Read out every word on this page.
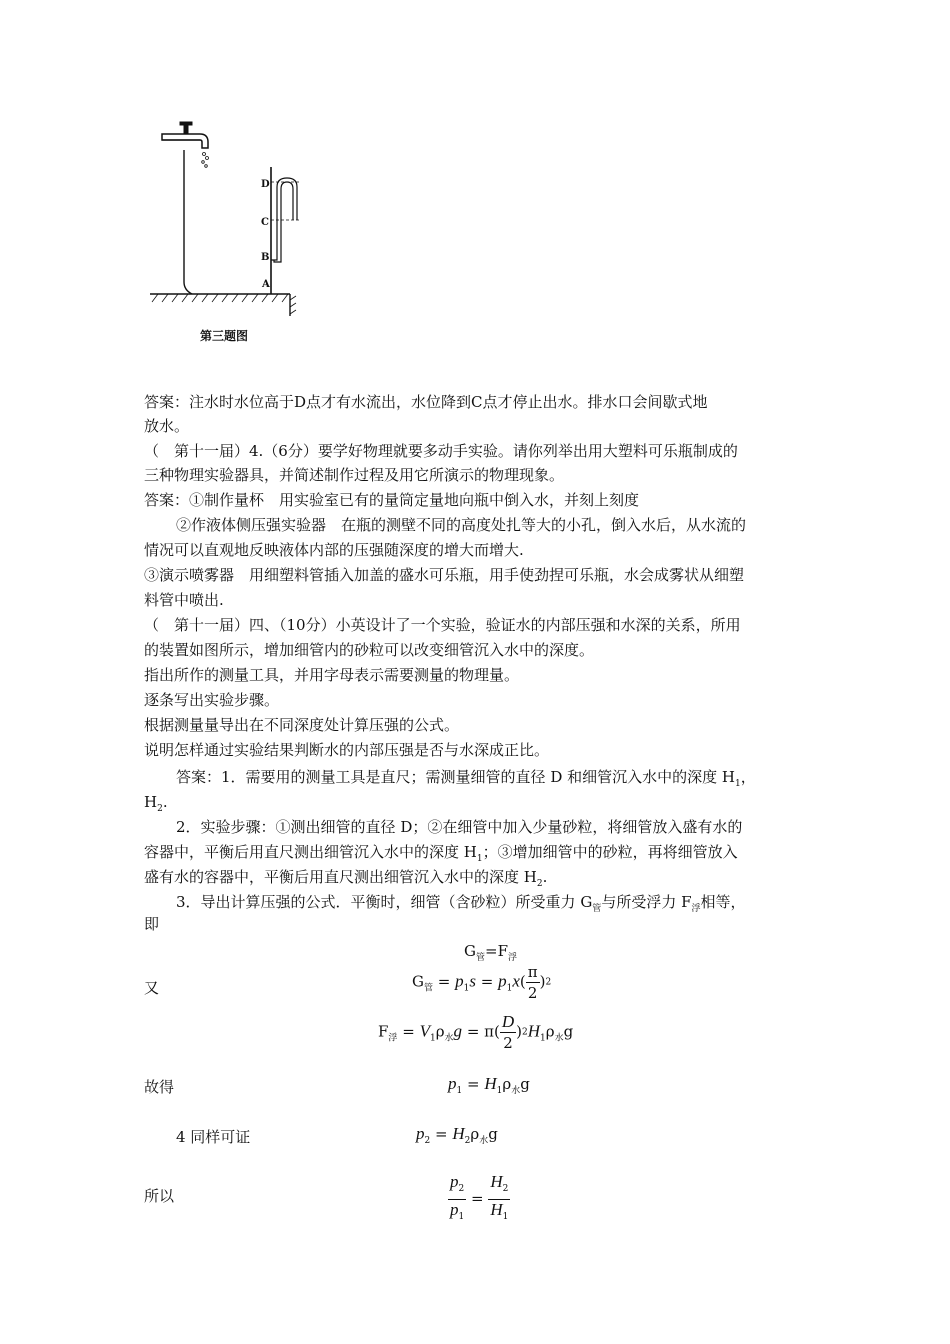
D
C
B
A
第三题图
答案：注水时水位高于D点才有水流出，水位降到C点才停止出水。排水口会间歇式地
放水。
（　第十一届）4.（6分）要学好物理就要多动手实验。请你列举出用大塑料可乐瓶制成的
三种物理实验器具，并简述制作过程及用它所演示的物理现象。
答案：①制作量杯　用实验室已有的量筒定量地向瓶中倒入水，并刻上刻度
②作液体侧压强实验器　在瓶的测壁不同的高度处扎等大的小孔，倒入水后，从水流的
情况可以直观地反映液体内部的压强随深度的增大而增大.
③演示喷雾器　用细塑料管插入加盖的盛水可乐瓶，用手使劲捏可乐瓶，水会成雾状从细塑
料管中喷出.
（　第十一届）四、（10分）小英设计了一个实验，验证水的内部压强和水深的关系，所用
的装置如图所示，增加细管内的砂粒可以改变细管沉入水中的深度。
指出所作的测量工具，并用字母表示需要测量的物理量。
逐条写出实验步骤。
根据测量量导出在不同深度处计算压强的公式。
说明怎样通过实验结果判断水的内部压强是否与水深成正比。
答案：1．需要用的测量工具是直尺；需测量细管的直径 D 和细管沉入水中的深度 $H_1$，
$H_2$.
2．实验步骤：①测出细管的直径 D；②在细管中加入少量砂粒，将细管放入盛有水的
容器中，平衡后用直尺测出细管沉入水中的深度 $H_1$；③增加细管中的砂粒，再将细管放入
盛有水的容器中，平衡后用直尺测出细管沉入水中的深度 $H_2$.
3．导出计算压强的公式．平衡时，细管（含砂粒）所受重力 $G_管$与所受浮力 $F_浮$相等，
即
$G_管=F_浮$
又	$G_管 = p_1s = p_1x( \frac{\pi}{2} )2$
$F_浮 = V_1\rho_水g = \pi( \frac{D}{2} )2H_1\rho_水g$
故得	$p_1 = H_1\rho_水g$
4 同样可证	$p_2 = H_2\rho_水g$
所以	$\frac{p_2}{p_1} = \frac{H_2}{H_1}$
